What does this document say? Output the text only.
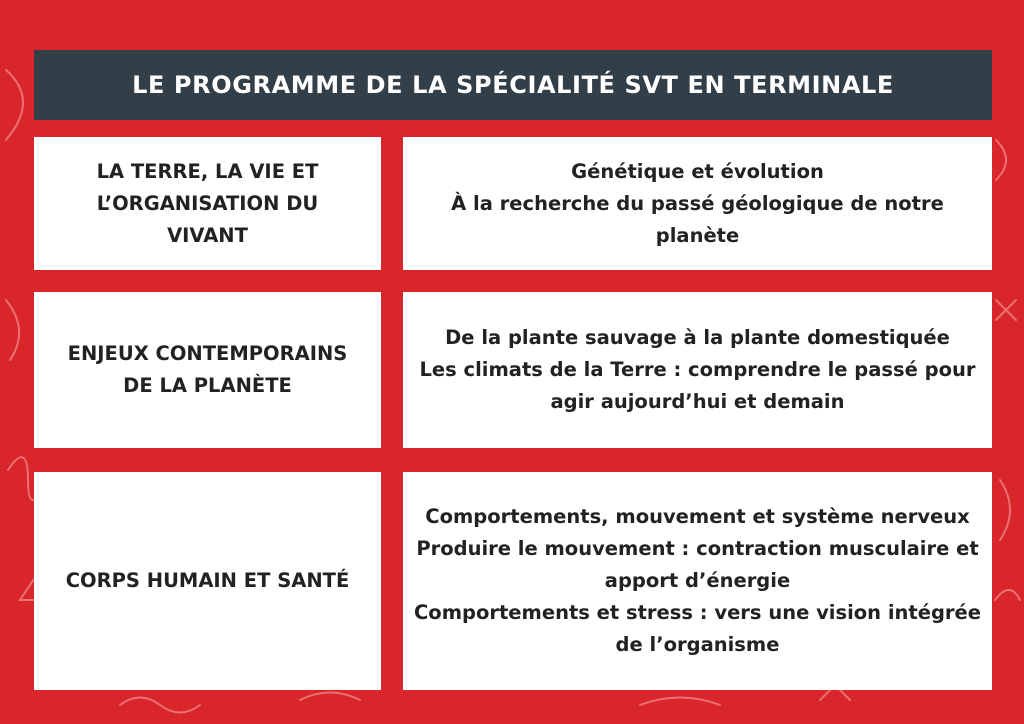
LE PROGRAMME DE LA SPÉCIALITÉ SVT EN TERMINALE
LA TERRE, LA VIE ET L’ORGANISATION DU VIVANT
Génétique et évolution
À la recherche du passé géologique de notre planète
ENJEUX CONTEMPORAINS DE LA PLANÈTE
De la plante sauvage à la plante domestiquée
Les climats de la Terre : comprendre le passé pour agir aujourd’hui et demain
CORPS HUMAIN ET SANTÉ
Comportements, mouvement et système nerveux
Produire le mouvement : contraction musculaire et apport d’énergie
Comportements et stress : vers une vision intégrée de l’organisme
